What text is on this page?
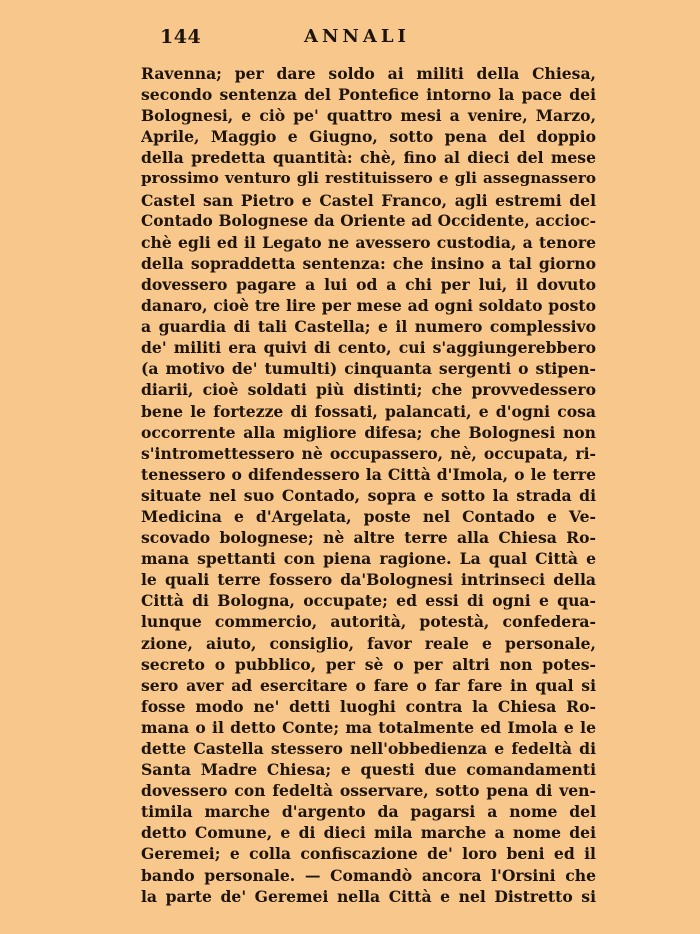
144	ANNALI
Ravenna; per dare soldo ai militi della Chiesa,
secondo sentenza del Pontefice intorno la pace dei
Bolognesi, e ciò pe' quattro mesi a venire, Marzo,
Aprile, Maggio e Giugno, sotto pena del doppio
della predetta quantità: chè, fino al dieci del mese
prossimo venturo gli restituissero e gli assegnassero
Castel san Pietro e Castel Franco, agli estremi del
Contado Bolognese da Oriente ad Occidente, accioc-
chè egli ed il Legato ne avessero custodia, a tenore
della sopraddetta sentenza: che insino a tal giorno
dovessero pagare a lui od a chi per lui, il dovuto
danaro, cioè tre lire per mese ad ogni soldato posto
a guardia di tali Castella; e il numero complessivo
de' militi era quivi di cento, cui s'aggiungerebbero
(a motivo de' tumulti) cinquanta sergenti o stipen-
diarii, cioè soldati più distinti; che provvedessero
bene le fortezze di fossati, palancati, e d'ogni cosa
occorrente alla migliore difesa; che Bolognesi non
s'intromettessero nè occupassero, nè, occupata, ri-
tenessero o difendessero la Città d'Imola, o le terre
situate nel suo Contado, sopra e sotto la strada di
Medicina e d'Argelata, poste nel Contado e Ve-
scovado bolognese; nè altre terre alla Chiesa Ro-
mana spettanti con piena ragione. La qual Città e
le quali terre fossero da'Bolognesi intrinseci della
Città di Bologna, occupate; ed essi di ogni e qua-
lunque commercio, autorità, potestà, confedera-
zione, aiuto, consiglio, favor reale e personale,
secreto o pubblico, per sè o per altri non potes-
sero aver ad esercitare o fare o far fare in qual si
fosse modo ne' detti luoghi contra la Chiesa Ro-
mana o il detto Conte; ma totalmente ed Imola e le
dette Castella stessero nell'obbedienza e fedeltà di
Santa Madre Chiesa; e questi due comandamenti
dovessero con fedeltà osservare, sotto pena di ven-
timila marche d'argento da pagarsi a nome del
detto Comune, e di dieci mila marche a nome dei
Geremei; e colla confiscazione de' loro beni ed il
bando personale. — Comandò ancora l'Orsini che
la parte de' Geremei nella Città e nel Distretto si
